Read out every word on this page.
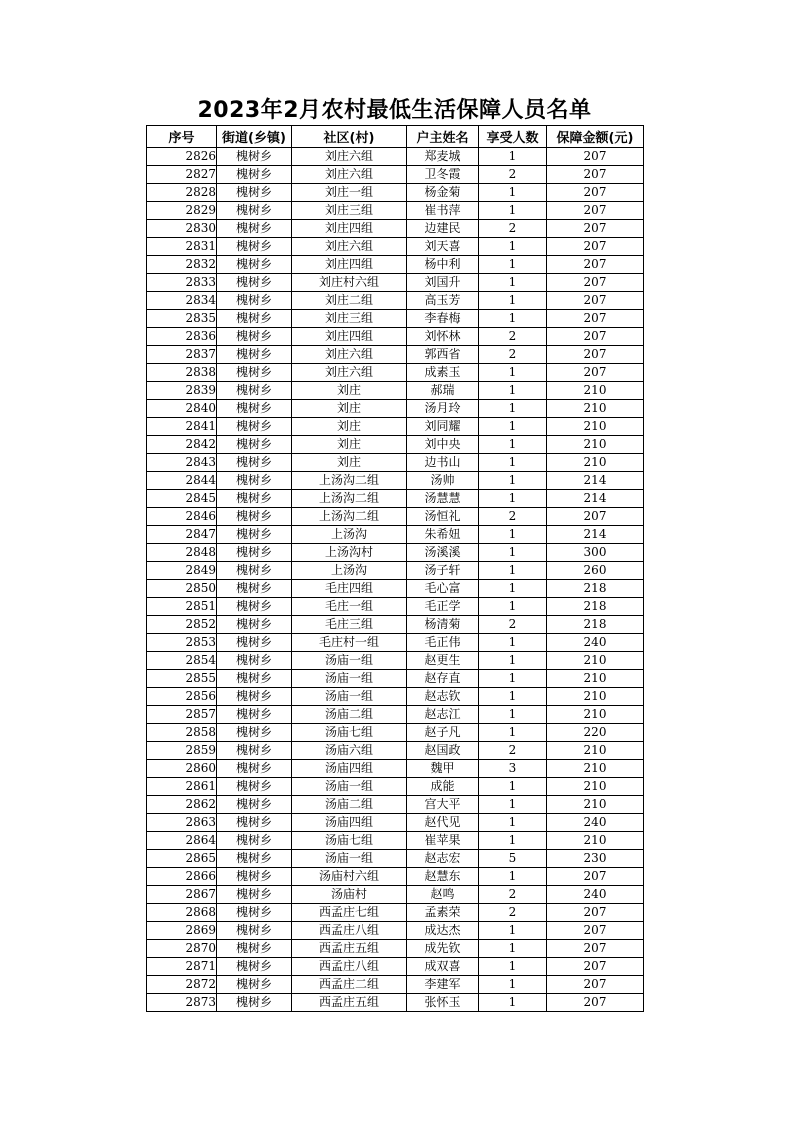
2023年2月农村最低生活保障人员名单
序号	街道(乡镇)	社区(村)	户主姓名	享受人数	保障金额(元)
2826	槐树乡	刘庄六组	郑麦城	1	207
2827	槐树乡	刘庄六组	卫冬霞	2	207
2828	槐树乡	刘庄一组	杨金菊	1	207
2829	槐树乡	刘庄三组	崔书萍	1	207
2830	槐树乡	刘庄四组	边建民	2	207
2831	槐树乡	刘庄六组	刘天喜	1	207
2832	槐树乡	刘庄四组	杨中利	1	207
2833	槐树乡	刘庄村六组	刘国升	1	207
2834	槐树乡	刘庄二组	高玉芳	1	207
2835	槐树乡	刘庄三组	李春梅	1	207
2836	槐树乡	刘庄四组	刘怀林	2	207
2837	槐树乡	刘庄六组	郭西省	2	207
2838	槐树乡	刘庄六组	成素玉	1	207
2839	槐树乡	刘庄	郝瑞	1	210
2840	槐树乡	刘庄	汤月玲	1	210
2841	槐树乡	刘庄	刘同耀	1	210
2842	槐树乡	刘庄	刘中央	1	210
2843	槐树乡	刘庄	边书山	1	210
2844	槐树乡	上汤沟二组	汤帅	1	214
2845	槐树乡	上汤沟二组	汤慧慧	1	214
2846	槐树乡	上汤沟二组	汤恒礼	2	207
2847	槐树乡	上汤沟	朱希妞	1	214
2848	槐树乡	上汤沟村	汤溪溪	1	300
2849	槐树乡	上汤沟	汤子轩	1	260
2850	槐树乡	毛庄四组	毛心富	1	218
2851	槐树乡	毛庄一组	毛正学	1	218
2852	槐树乡	毛庄三组	杨清菊	2	218
2853	槐树乡	毛庄村一组	毛正伟	1	240
2854	槐树乡	汤庙一组	赵更生	1	210
2855	槐树乡	汤庙一组	赵存直	1	210
2856	槐树乡	汤庙一组	赵志钦	1	210
2857	槐树乡	汤庙二组	赵志江	1	210
2858	槐树乡	汤庙七组	赵子凡	1	220
2859	槐树乡	汤庙六组	赵国政	2	210
2860	槐树乡	汤庙四组	魏甲	3	210
2861	槐树乡	汤庙一组	成能	1	210
2862	槐树乡	汤庙二组	宫大平	1	210
2863	槐树乡	汤庙四组	赵代见	1	240
2864	槐树乡	汤庙七组	崔苹果	1	210
2865	槐树乡	汤庙一组	赵志宏	5	230
2866	槐树乡	汤庙村六组	赵慧东	1	207
2867	槐树乡	汤庙村	赵鸣	2	240
2868	槐树乡	西孟庄七组	孟素荣	2	207
2869	槐树乡	西孟庄八组	成达杰	1	207
2870	槐树乡	西孟庄五组	成先钦	1	207
2871	槐树乡	西孟庄八组	成双喜	1	207
2872	槐树乡	西孟庄二组	李建军	1	207
2873	槐树乡	西孟庄五组	张怀玉	1	207
